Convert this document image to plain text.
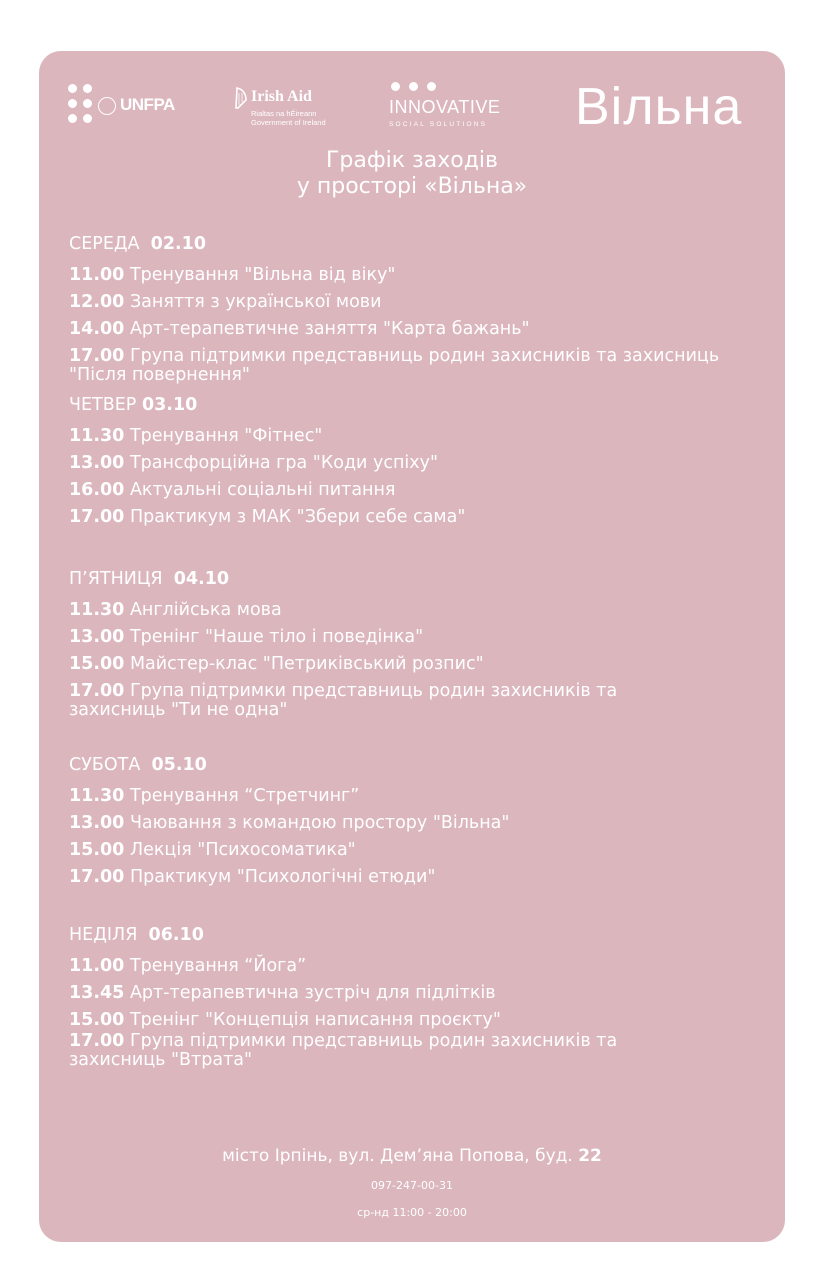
UNFPA	Irish Aid
Rialtas na hÉireann
Government of Ireland
INNOVATIVE
SOCIAL SOLUTIONS Вільна
Графік заходів
у просторі «Вільна»
СЕРЕДА 02.10
11.00 Тренування "Вільна від віку"
12.00 Заняття з української мови
14.00 Арт-терапевтичне заняття "Карта бажань"
17.00 Група підтримки представниць родин захисників та захисниць "Після повернення"
ЧЕТВЕР 03.10
11.30 Тренування "Фітнес"
13.00 Трансфорційна гра "Коди успіху"
16.00 Актуальні соціальні питання
17.00 Практикум з МАК "Збери себе сама"
П’ЯТНИЦЯ 04.10
11.30 Англійська мова
13.00 Тренінг "Наше тіло і поведінка"
15.00 Майстер-клас "Петриківський розпис"
17.00 Група підтримки представниць родин захисників та захисниць "Ти не одна"
СУБОТА 05.10
11.30 Тренування “Стретчинг”
13.00 Чаювання з командою простору "Вільна"
15.00 Лекція "Психосоматика"
17.00 Практикум "Психологічні етюди"
НЕДІЛЯ 06.10
11.00 Тренування “Йога”
13.45 Арт-терапевтична зустріч для підлітків
15.00 Тренінг "Концепція написання проєкту"
17.00 Група підтримки представниць родин захисників та захисниць "Втрата"
місто Ірпінь, вул. Дем’яна Попова, буд. 22
097-247-00-31
ср-нд 11:00 - 20:00
